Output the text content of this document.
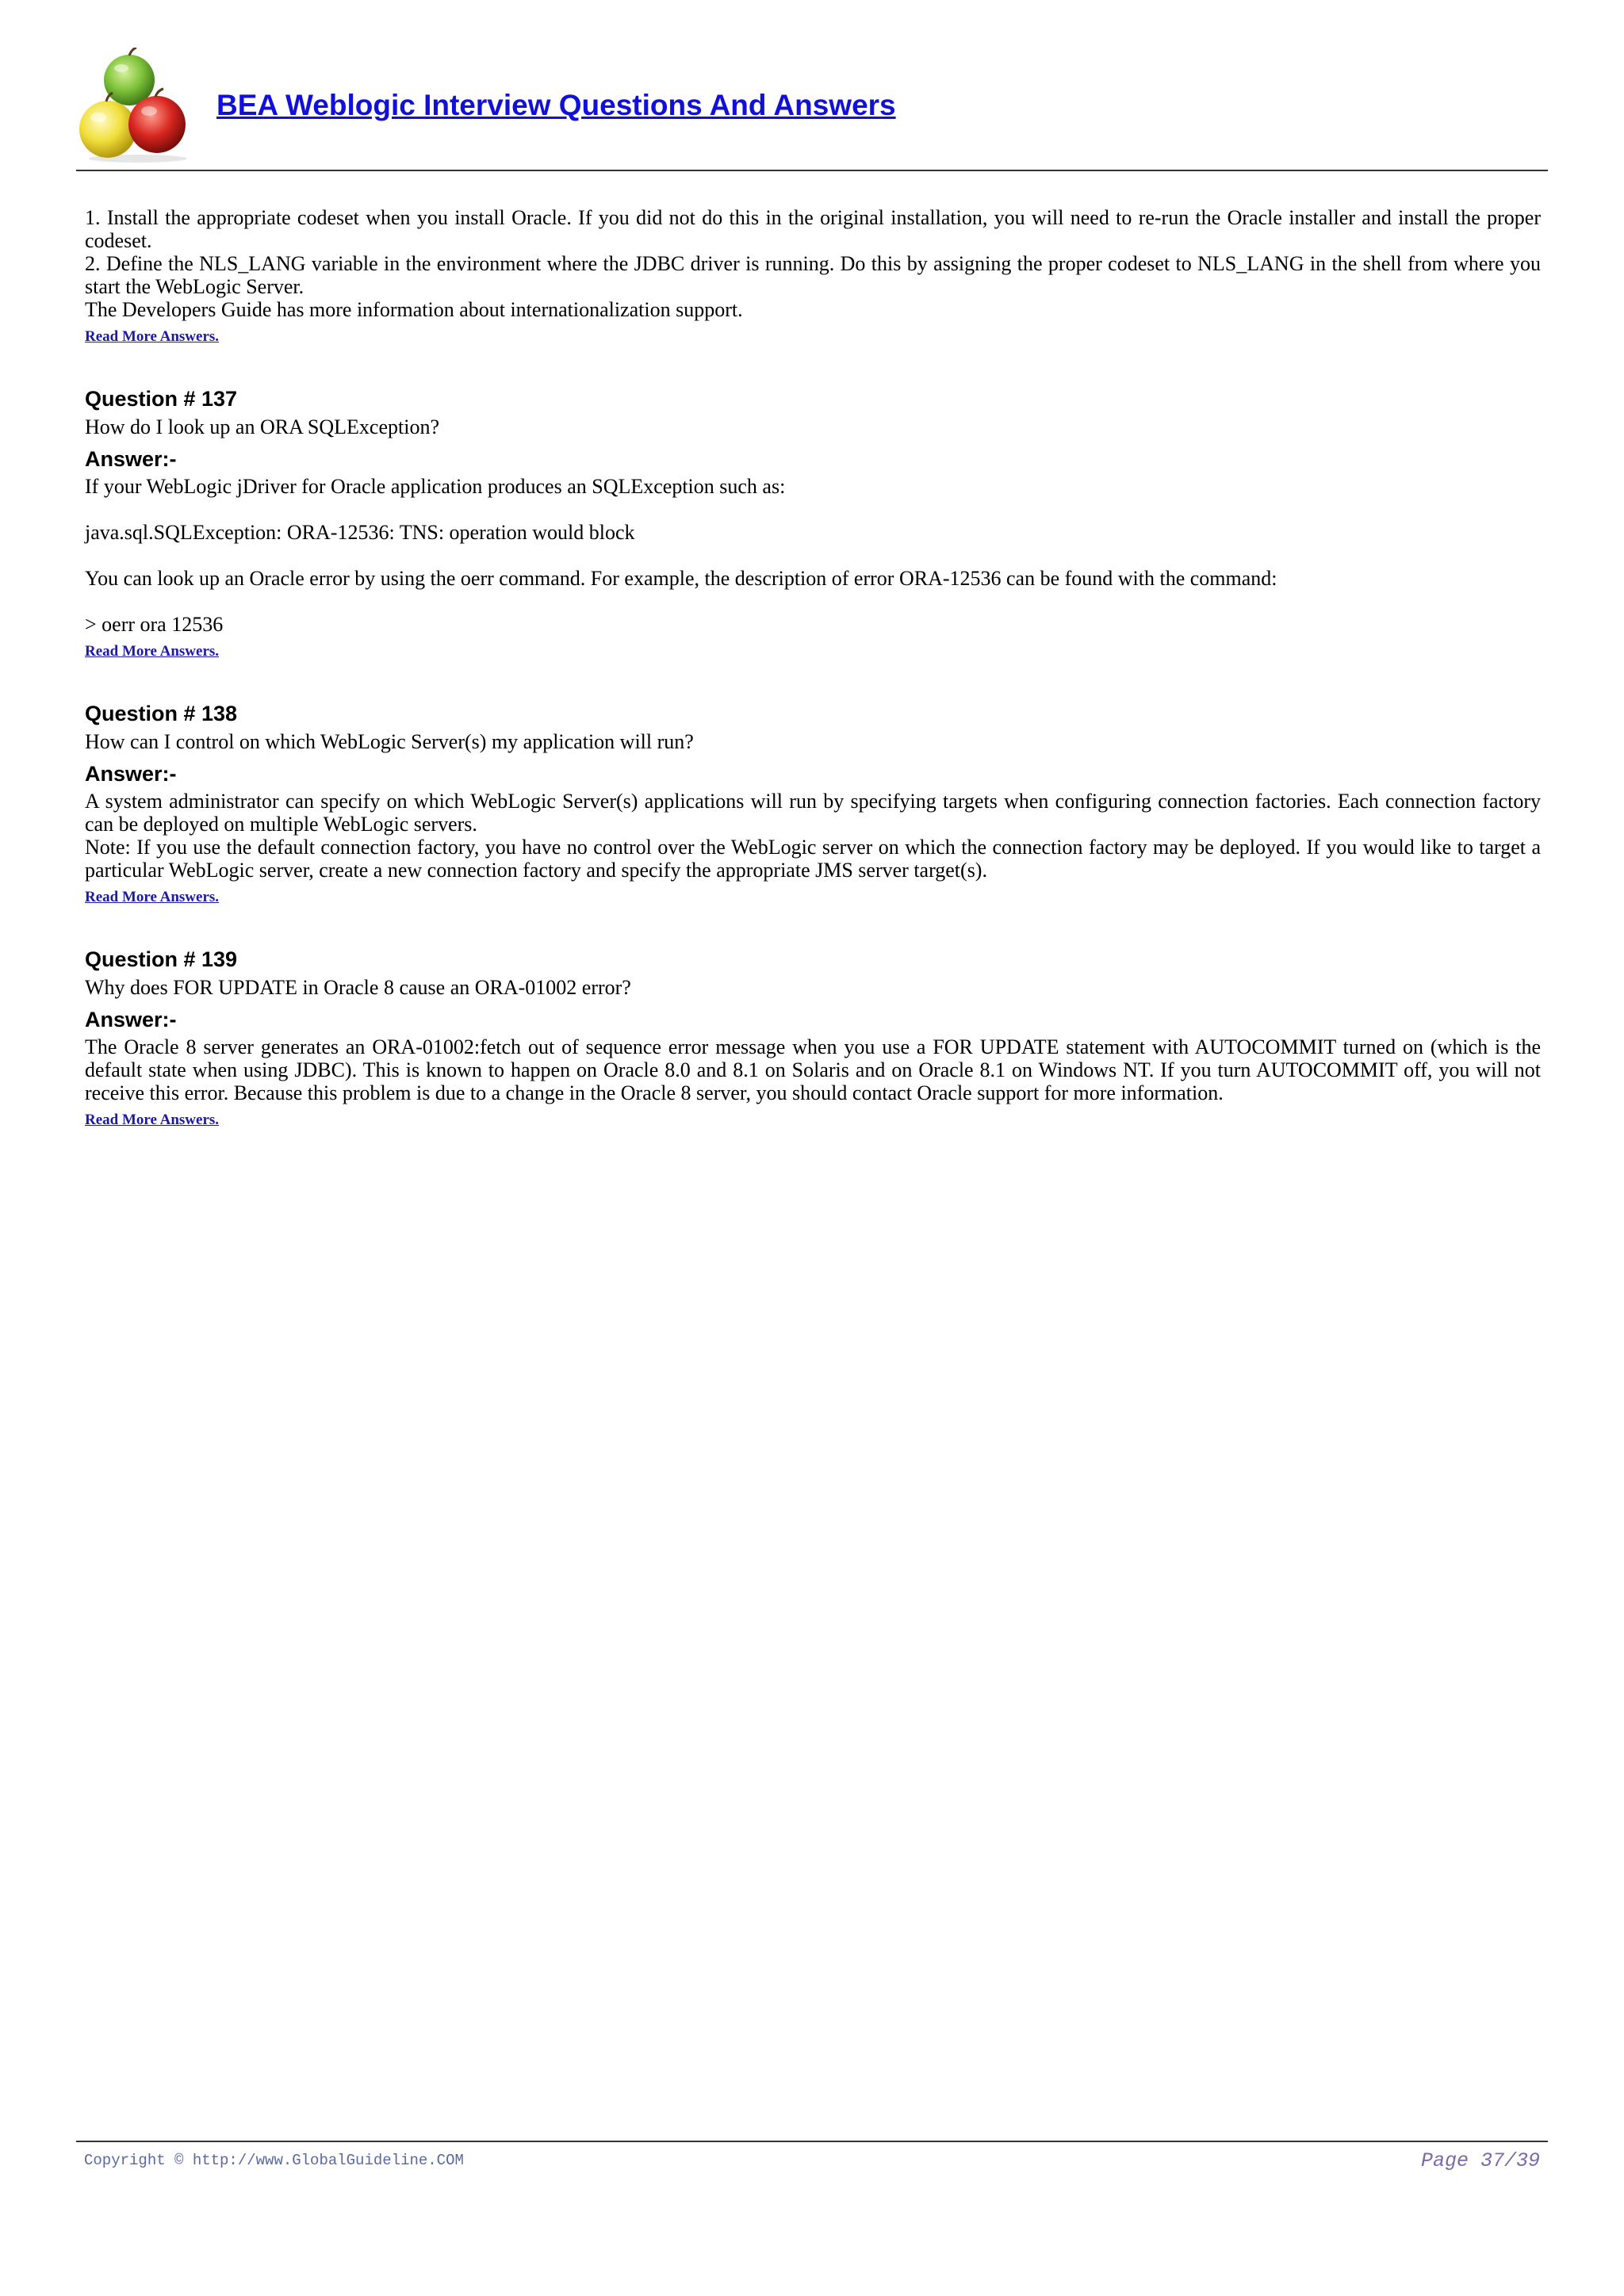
BEA Weblogic Interview Questions And Answers

1. Install the appropriate codeset when you install Oracle. If you did not do this in the original installation, you will need to re-run the Oracle installer and install the proper codeset.

2. Define the NLS_LANG variable in the environment where the JDBC driver is running. Do this by assigning the proper codeset to NLS_LANG in the shell from where you start the WebLogic Server.

The Developers Guide has more information about internationalization support.

Read More Answers.
Question # 137

How do I look up an ORA SQLException?

Answer:-

If your WebLogic jDriver for Oracle application produces an SQLException such as:

java.sql.SQLException: ORA-12536: TNS: operation would block

You can look up an Oracle error by using the oerr command. For example, the description of error ORA-12536 can be found with the command:

> oerr ora 12536

Read More Answers.
Question # 138

How can I control on which WebLogic Server(s) my application will run?

Answer:-

A system administrator can specify on which WebLogic Server(s) applications will run by specifying targets when configuring connection factories. Each connection factory can be deployed on multiple WebLogic servers.

Note: If you use the default connection factory, you have no control over the WebLogic server on which the connection factory may be deployed. If you would like to target a particular WebLogic server, create a new connection factory and specify the appropriate JMS server target(s).

Read More Answers.
Question # 139

Why does FOR UPDATE in Oracle 8 cause an ORA-01002 error?

Answer:-

The Oracle 8 server generates an ORA-01002:fetch out of sequence error message when you use a FOR UPDATE statement with AUTOCOMMIT turned on (which is the default state when using JDBC). This is known to happen on Oracle 8.0 and 8.1 on Solaris and on Oracle 8.1 on Windows NT. If you turn AUTOCOMMIT off, you will not receive this error. Because this problem is due to a change in the Oracle 8 server, you should contact Oracle support for more information.

Read More Answers.
Copyright © http://www.GlobalGuideline.COM	Page 37/39
